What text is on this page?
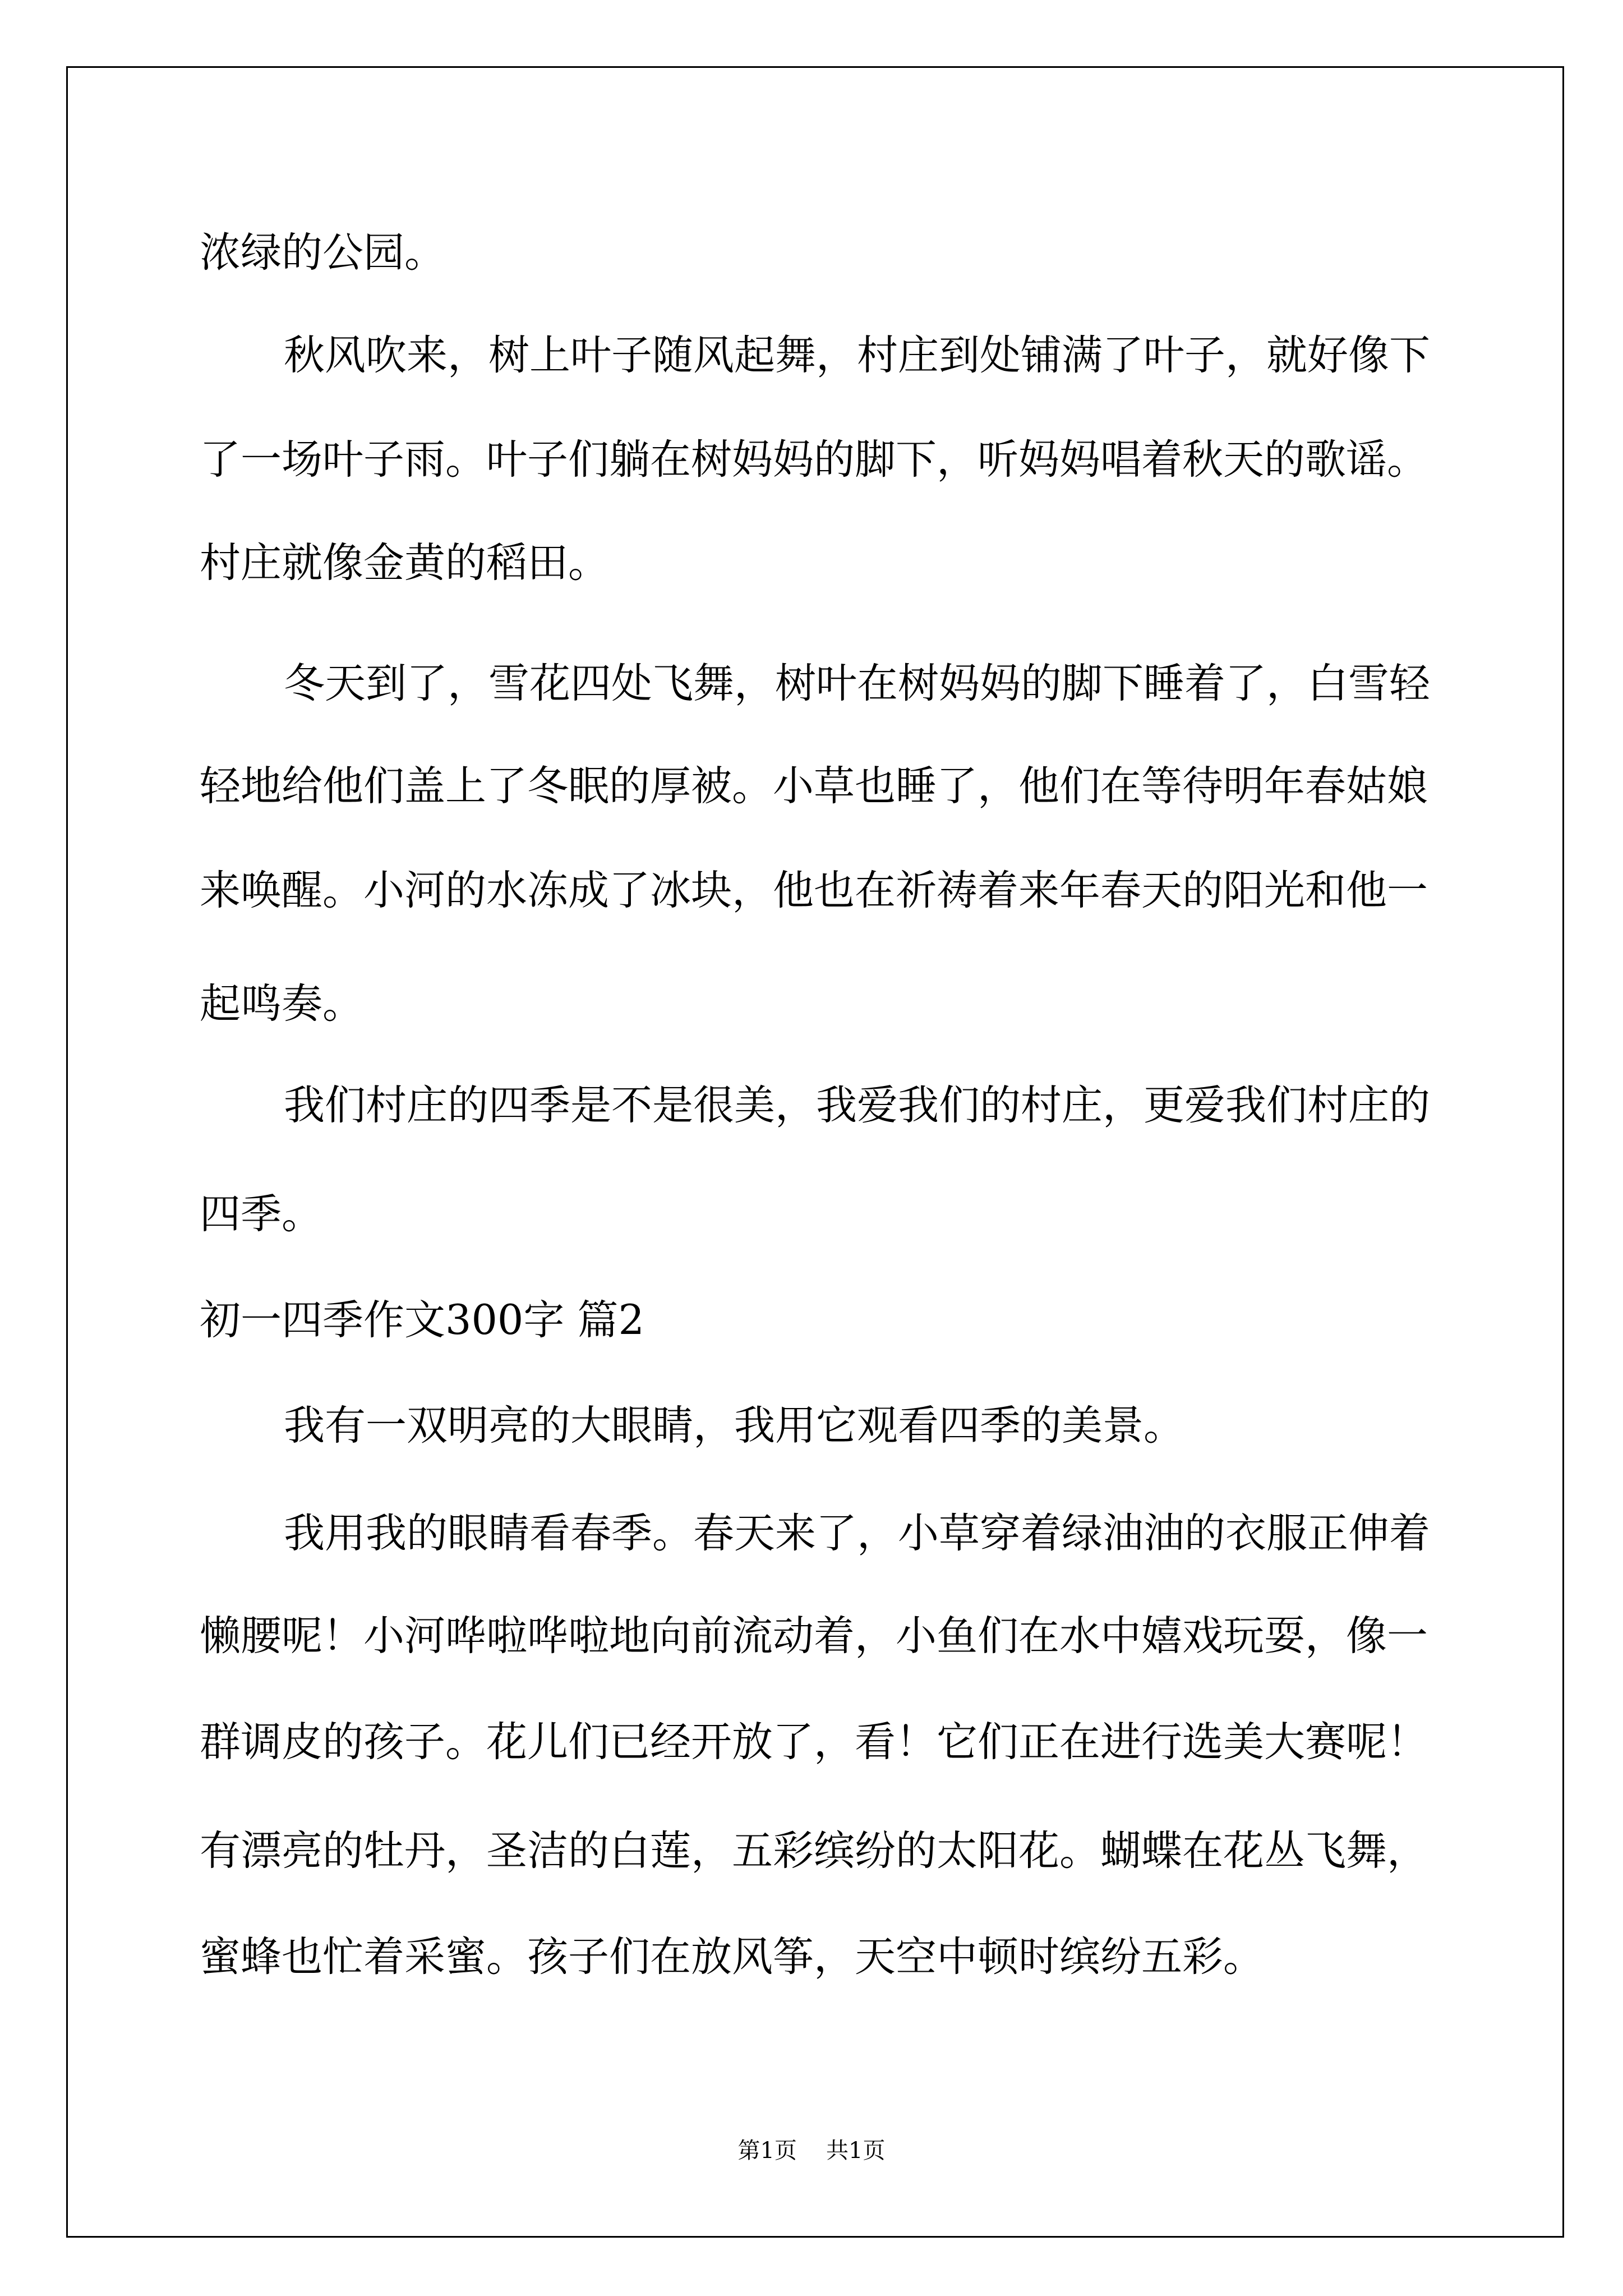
浓绿的公园。
秋风吹来，树上叶子随风起舞，村庄到处铺满了叶子，就好像下
了一场叶子雨。叶子们躺在树妈妈的脚下，听妈妈唱着秋天的歌谣。
村庄就像金黄的稻田。
冬天到了，雪花四处飞舞，树叶在树妈妈的脚下睡着了，白雪轻
轻地给他们盖上了冬眠的厚被。小草也睡了，他们在等待明年春姑娘
来唤醒。小河的水冻成了冰块，他也在祈祷着来年春天的阳光和他一
起鸣奏。
我们村庄的四季是不是很美，我爱我们的村庄，更爱我们村庄的
四季。
初一四季作文300字 篇2
我有一双明亮的大眼睛，我用它观看四季的美景。
我用我的眼睛看春季。春天来了，小草穿着绿油油的衣服正伸着
懒腰呢！小河哗啦哗啦地向前流动着，小鱼们在水中嬉戏玩耍，像一
群调皮的孩子。花儿们已经开放了，看！它们正在进行选美大赛呢！
有漂亮的牡丹，圣洁的白莲，五彩缤纷的太阳花。蝴蝶在花丛飞舞，
蜜蜂也忙着采蜜。孩子们在放风筝，天空中顿时缤纷五彩。
第1页 共1页
